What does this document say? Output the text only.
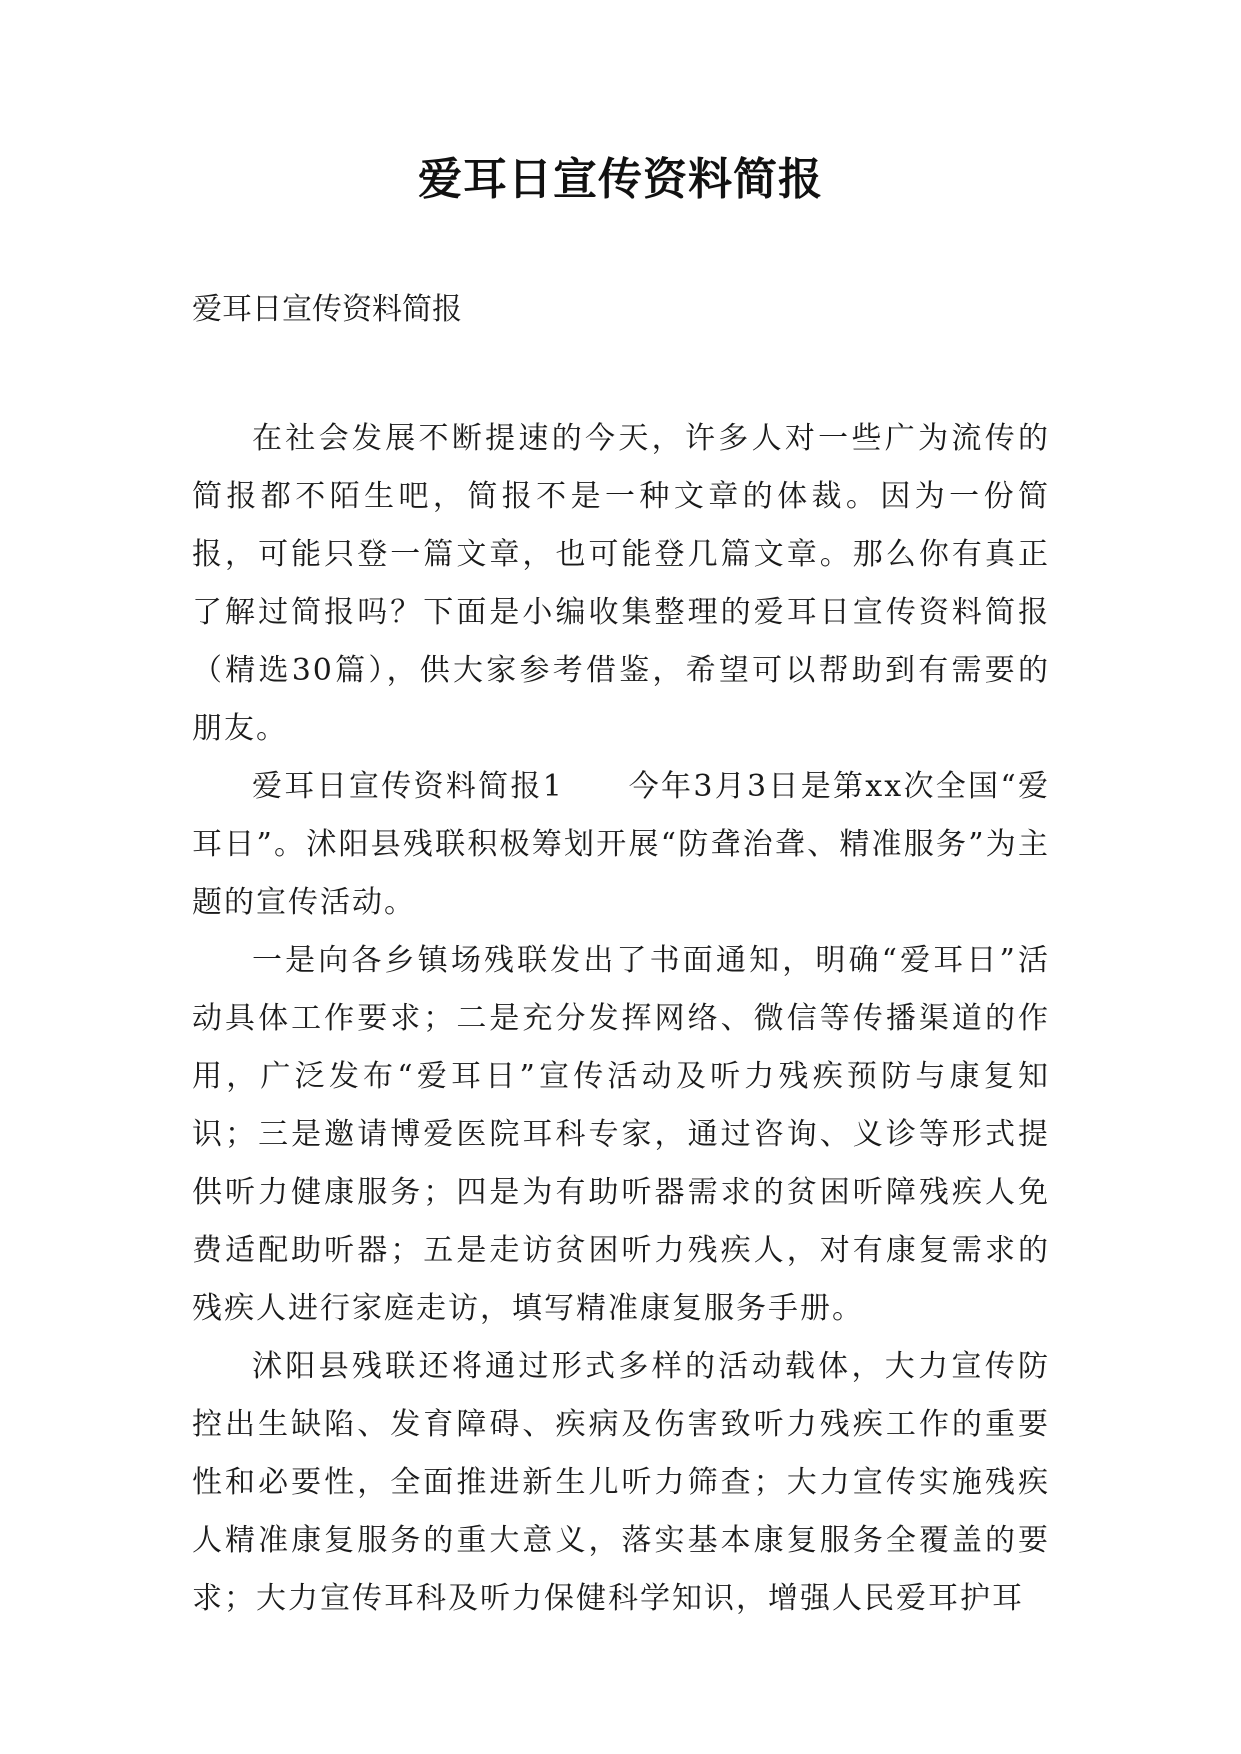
爱耳日宣传资料简报
爱耳日宣传资料简报

在社会发展不断提速的今天，许多人对一些广为流传的简报都不陌生吧，简报不是一种文章的体裁。因为一份简报，可能只登一篇文章，也可能登几篇文章。那么你有真正了解过简报吗？下面是小编收集整理的爱耳日宣传资料简报（精选30篇），供大家参考借鉴，希望可以帮助到有需要的朋友。

爱耳日宣传资料简报1　　今年3月3日是第xx次全国“爱耳日”。沭阳县残联积极筹划开展“防聋治聋、精准服务”为主题的宣传活动。

一是向各乡镇场残联发出了书面通知，明确“爱耳日”活动具体工作要求；二是充分发挥网络、微信等传播渠道的作用，广泛发布“爱耳日”宣传活动及听力残疾预防与康复知识；三是邀请博爱医院耳科专家，通过咨询、义诊等形式提供听力健康服务；四是为有助听器需求的贫困听障残疾人免费适配助听器；五是走访贫困听力残疾人，对有康复需求的残疾人进行家庭走访，填写精准康复服务手册。

沭阳县残联还将通过形式多样的活动载体，大力宣传防控出生缺陷、发育障碍、疾病及伤害致听力残疾工作的重要性和必要性，全面推进新生儿听力筛查；大力宣传实施残疾人精准康复服务的重大意义，落实基本康复服务全覆盖的要求；大力宣传耳科及听力保健科学知识，增强人民爱耳护耳
